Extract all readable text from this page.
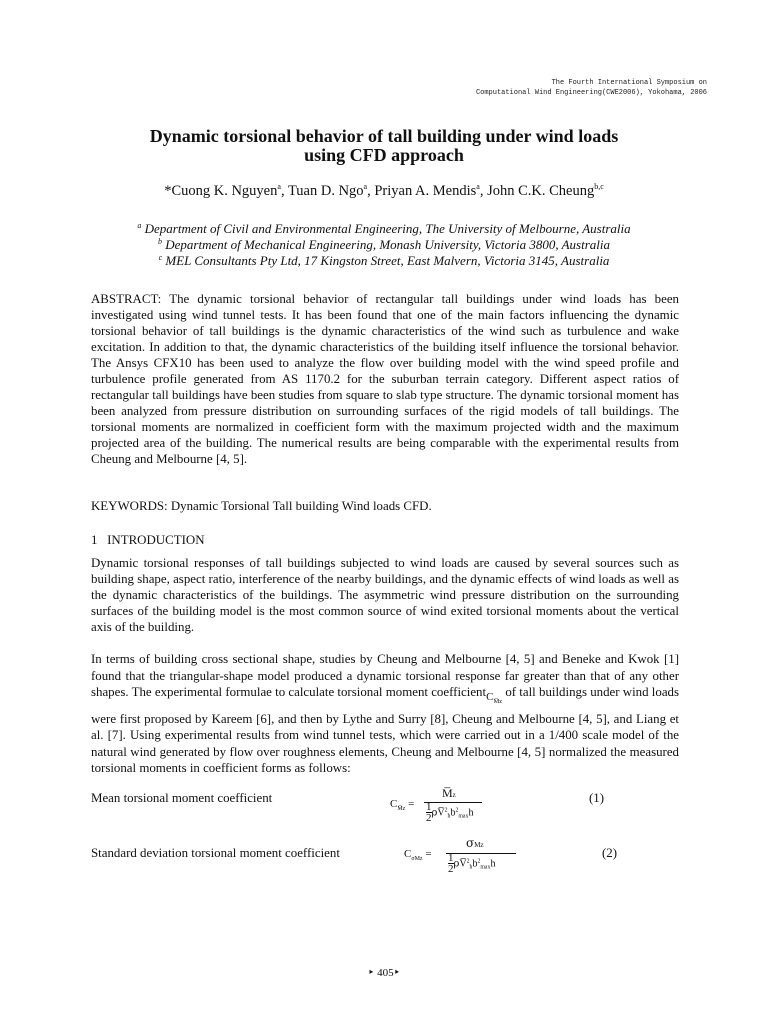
The Fourth International Symposium on
Computational Wind Engineering(CWE2006), Yokohama, 2006
Dynamic torsional behavior of tall building under wind loads
using CFD approach
*Cuong K. Nguyen$^a$, Tuan D. Ngo$^a$, Priyan A. Mendis$^a$, John C.K. Cheung$^{b,c}$
$^a$ Department of Civil and Environmental Engineering, The University of Melbourne, Australia
$^b$ Department of Mechanical Engineering, Monash University, Victoria 3800, Australia
$^c$ MEL Consultants Pty Ltd, 17 Kingston Street, East Malvern, Victoria 3145, Australia

ABSTRACT: The dynamic torsional behavior of rectangular tall buildings under wind loads has been investigated using wind tunnel tests. It has been found that one of the main factors influencing the dynamic torsional behavior of tall buildings is the dynamic characteristics of the wind such as turbulence and wake excitation. In addition to that, the dynamic characteristics of the building itself influence the torsional behavior. The Ansys CFX10 has been used to analyze the flow over building model with the wind speed profile and turbulence profile generated from AS 1170.2 for the suburban terrain category. Different aspect ratios of rectangular tall buildings have been studies from square to slab type structure. The dynamic torsional moment has been analyzed from pressure distribution on surrounding surfaces of the rigid models of tall buildings. The torsional moments are normalized in coefficient form with the maximum projected width and the maximum projected area of the building. The numerical results are being comparable with the experimental results from Cheung and Melbourne [4, 5].

KEYWORDS: Dynamic Torsional Tall building Wind loads CFD.

1   INTRODUCTION

Dynamic torsional responses of tall buildings subjected to wind loads are caused by several sources such as building shape, aspect ratio, interference of the nearby buildings, and the dynamic effects of wind loads as well as the dynamic characteristics of the buildings. The asymmetric wind pressure distribution on the surrounding surfaces of the building model is the most common source of wind exited torsional moments about the vertical axis of the building.

In terms of building cross sectional shape, studies by Cheung and Melbourne [4, 5] and Beneke and Kwok [1] found that the triangular-shape model produced a dynamic torsional response far greater than that of any other shapes. The experimental formulae to calculate torsional moment coefficientC$_{M̅z}$ of tall buildings under wind loads were first proposed by Kareem [6], and then by Lythe and Surry [8], Cheung and Melbourne [4, 5], and Liang et al. [7]. Using experimental results from wind tunnel tests, which were carried out in a 1/400 scale model of the natural wind generated by flow over roughness elements, Cheung and Melbourne [4, 5] normalized the measured torsional moments in coefficient forms as follows:

Mean torsional moment coefficient	$C_{M̅z}$ =
M̅z
$\frac{1}{2}\rho V̅^2_hb^2_{max}h$
(1)
Standard deviation torsional moment coefficient	$C_{\sigma Mz}$ =
σMz
$\frac{1}{2}\rho V̅^2_hb^2_{max}h$
(2)
‣ 405‣
